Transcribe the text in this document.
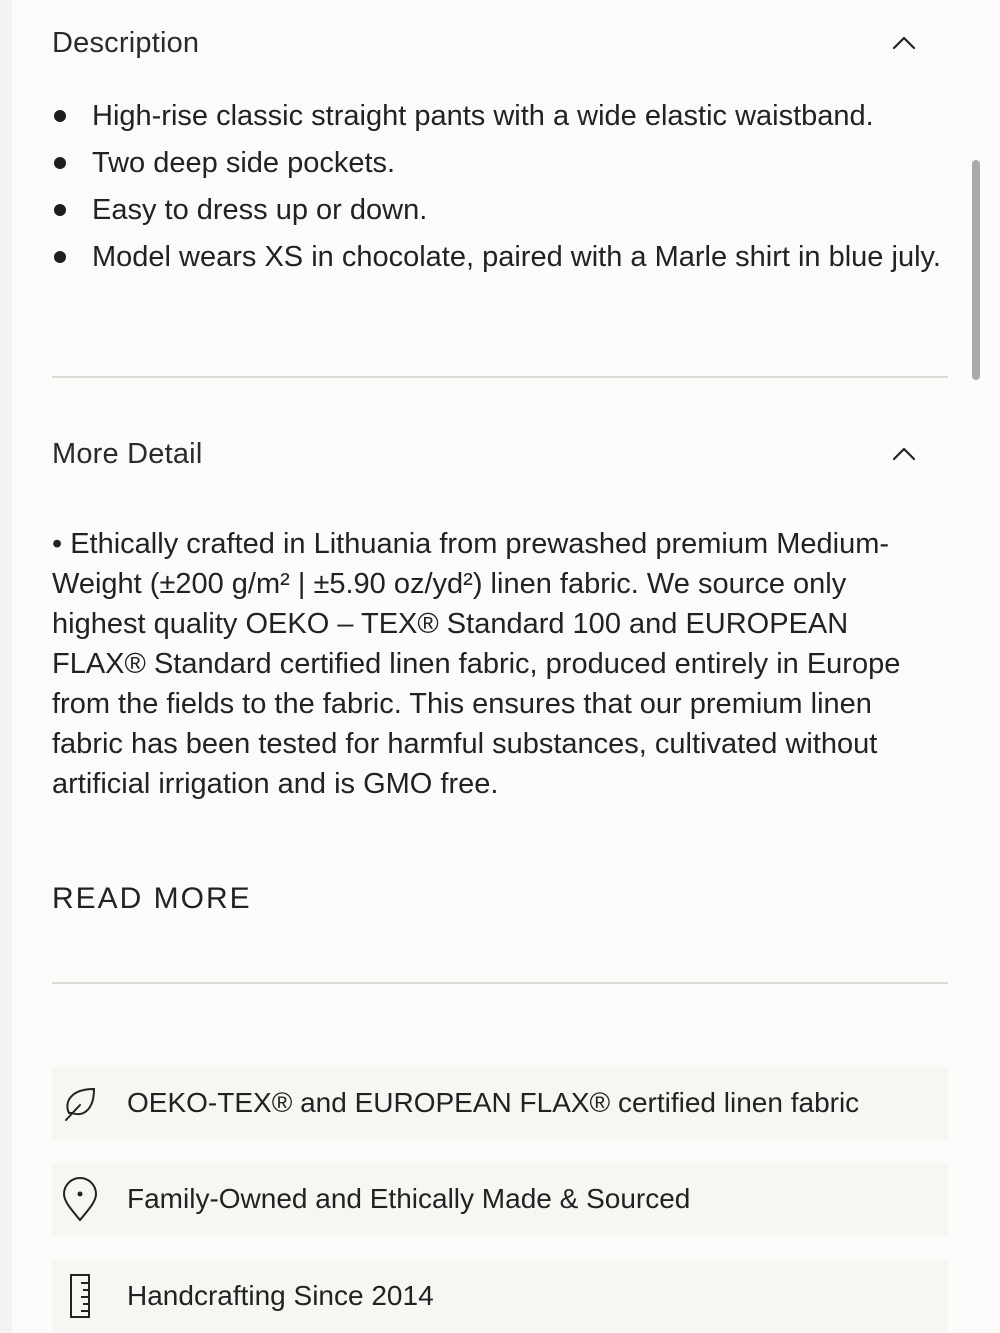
Description
High-rise classic straight pants with a wide elastic waistband.
Two deep side pockets.
Easy to dress up or down.
Model wears XS in chocolate, paired with a Marle shirt in blue july.
More Detail
• Ethically crafted in Lithuania from prewashed premium Medium-Weight (±200 g/m² | ±5.90 oz/yd²) linen fabric. We source only highest quality OEKO – TEX® Standard 100 and EUROPEAN FLAX® Standard certified linen fabric, produced entirely in Europe from the fields to the fabric. This ensures that our premium linen fabric has been tested for harmful substances, cultivated without artificial irrigation and is GMO free.
READ MORE
OEKO-TEX® and EUROPEAN FLAX® certified linen fabric
Family-Owned and Ethically Made & Sourced
Handcrafting Since 2014
